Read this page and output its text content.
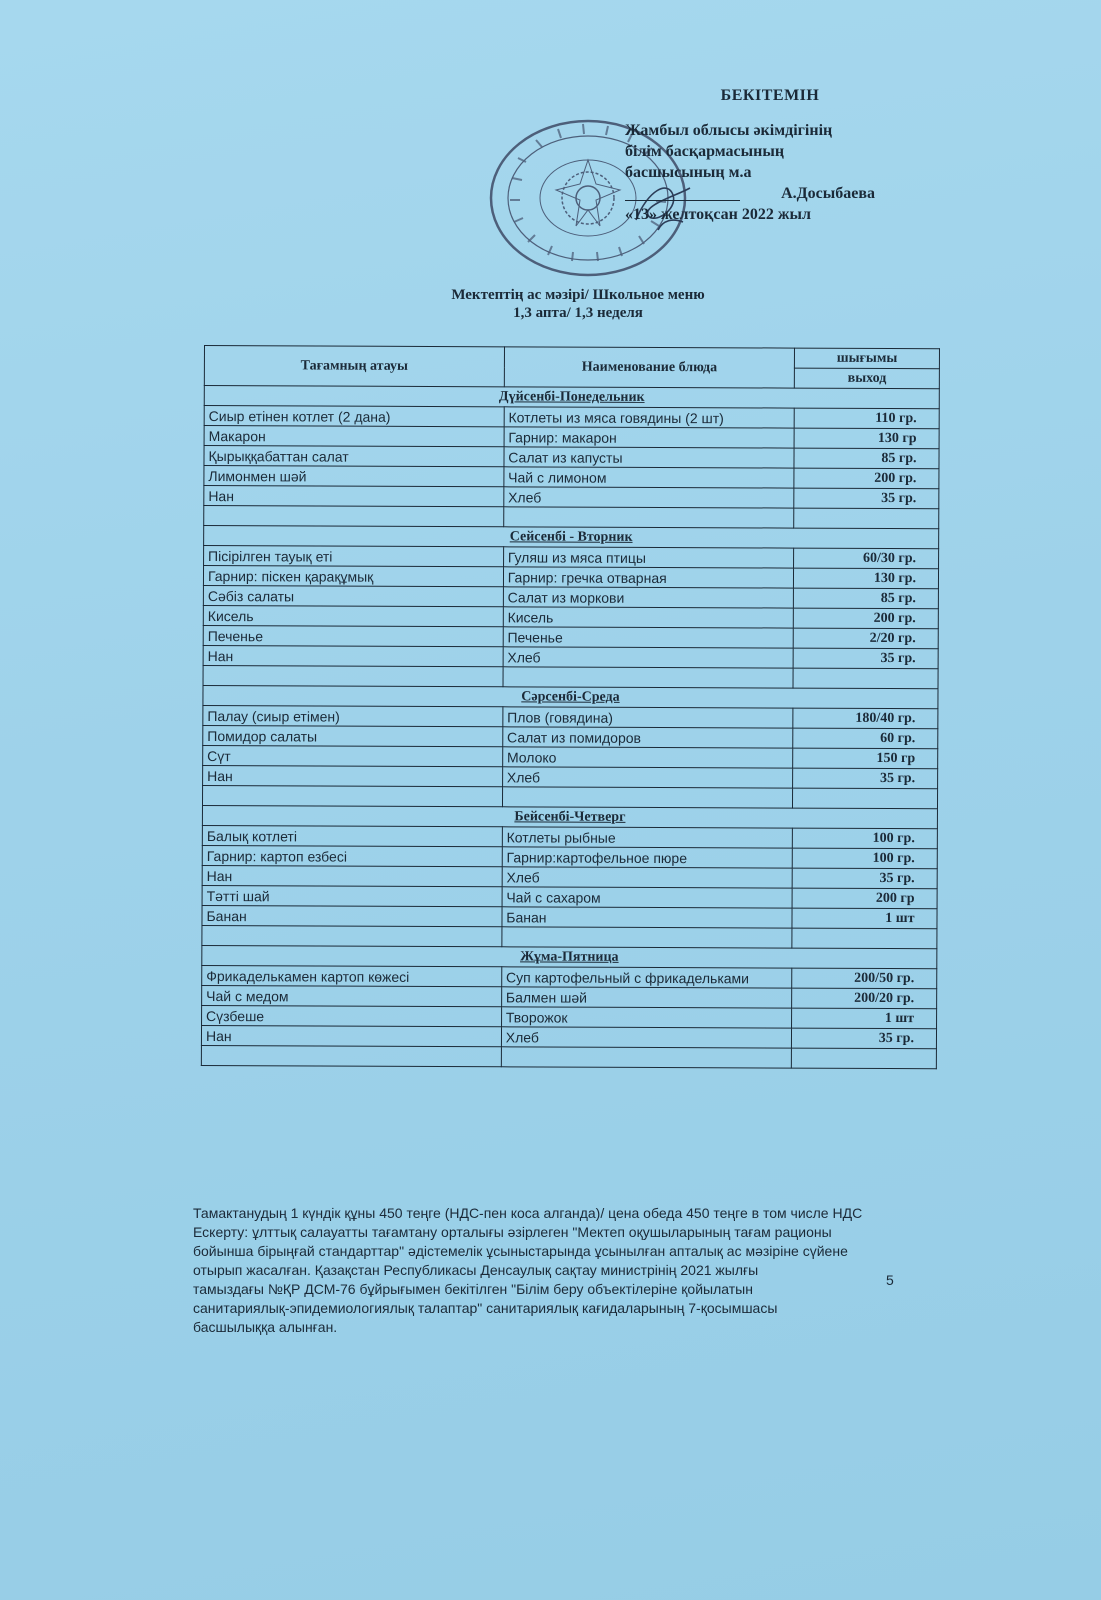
БЕКІТЕМІН
Жамбыл облысы әкімдігінің
білім басқармасының
басшысының м.а
А.Досыбаева
«13» желтоқсан 2022 жыл
Мектептің ас мәзірі/ Школьное меню
1,3 апта/ 1,3 неделя
Тағамның атауы	Наименование блюда	шығымы
		выход
Дүйсенбі-Понедельник		
Сиыр етінен котлет (2 дана)	Котлеты из мяса говядины (2 шт)	110 гр.
Макарон	Гарнир: макарон	130 гр
Қырыққабаттан салат	Салат из капусты	85 гр.
Лимонмен шәй	Чай с лимоном	200 гр.
Нан	Хлеб	35 гр.

Сейсенбі - Вторник		
Пісірілген тауық еті	Гуляш из мяса птицы	60/30 гр.
Гарнир: піскен қарақұмық	Гарнир: гречка отварная	130 гр.
Сәбіз салаты	Салат из моркови	85 гр.
Кисель	Кисель	200 гр.
Печенье	Печенье	2/20 гр.
Нан	Хлеб	35 гр.

Сәрсенбі-Среда		
Палау (сиыр етімен)	Плов (говядина)	180/40 гр.
Помидор салаты	Салат из помидоров	60 гр.
Сүт	Молоко	150 гр
Нан	Хлеб	35 гр.

Бейсенбі-Четверг		
Балық котлеті	Котлеты рыбные	100 гр.
Гарнир: картоп езбесі	Гарнир:картофельное пюре	100 гр.
Нан	Хлеб	35 гр.
Тәтті шай	Чай с сахаром	200 гр
Банан	Банан	1 шт

Жұма-Пятница		
Фрикаделькамен картоп көжесі	Суп картофельный с фрикадельками	200/50 гр.
Чай с медом	Балмен шәй	200/20 гр.
Сүзбеше	Творожок	1 шт
Нан	Хлеб	35 гр.

Тамактанудың 1 күндік құны 450 теңге (НДС-пен коса алганда)/ цена обеда 450 теңге в том числе НДС
Ескерту: ұлттық салауатты тағамтану орталығы әзірлеген "Мектеп оқушыларының тағам рационы
бойынша бірыңғай стандарттар" әдістемелік ұсыныстарында ұсынылған апталық ас мәзіріне сүйене
отырып жасалған. Қазақстан Республикасы Денсаулық сақтау министрінің 2021 жылғы
тамыздағы №ҚР ДСМ-76 бұйрығымен бекітілген "Білім беру объектілеріне қойылатын
санитариялық-эпидемиологиялық талаптар" санитариялық кағидаларының 7-қосымшасы
басшылыққа алынған.
5
